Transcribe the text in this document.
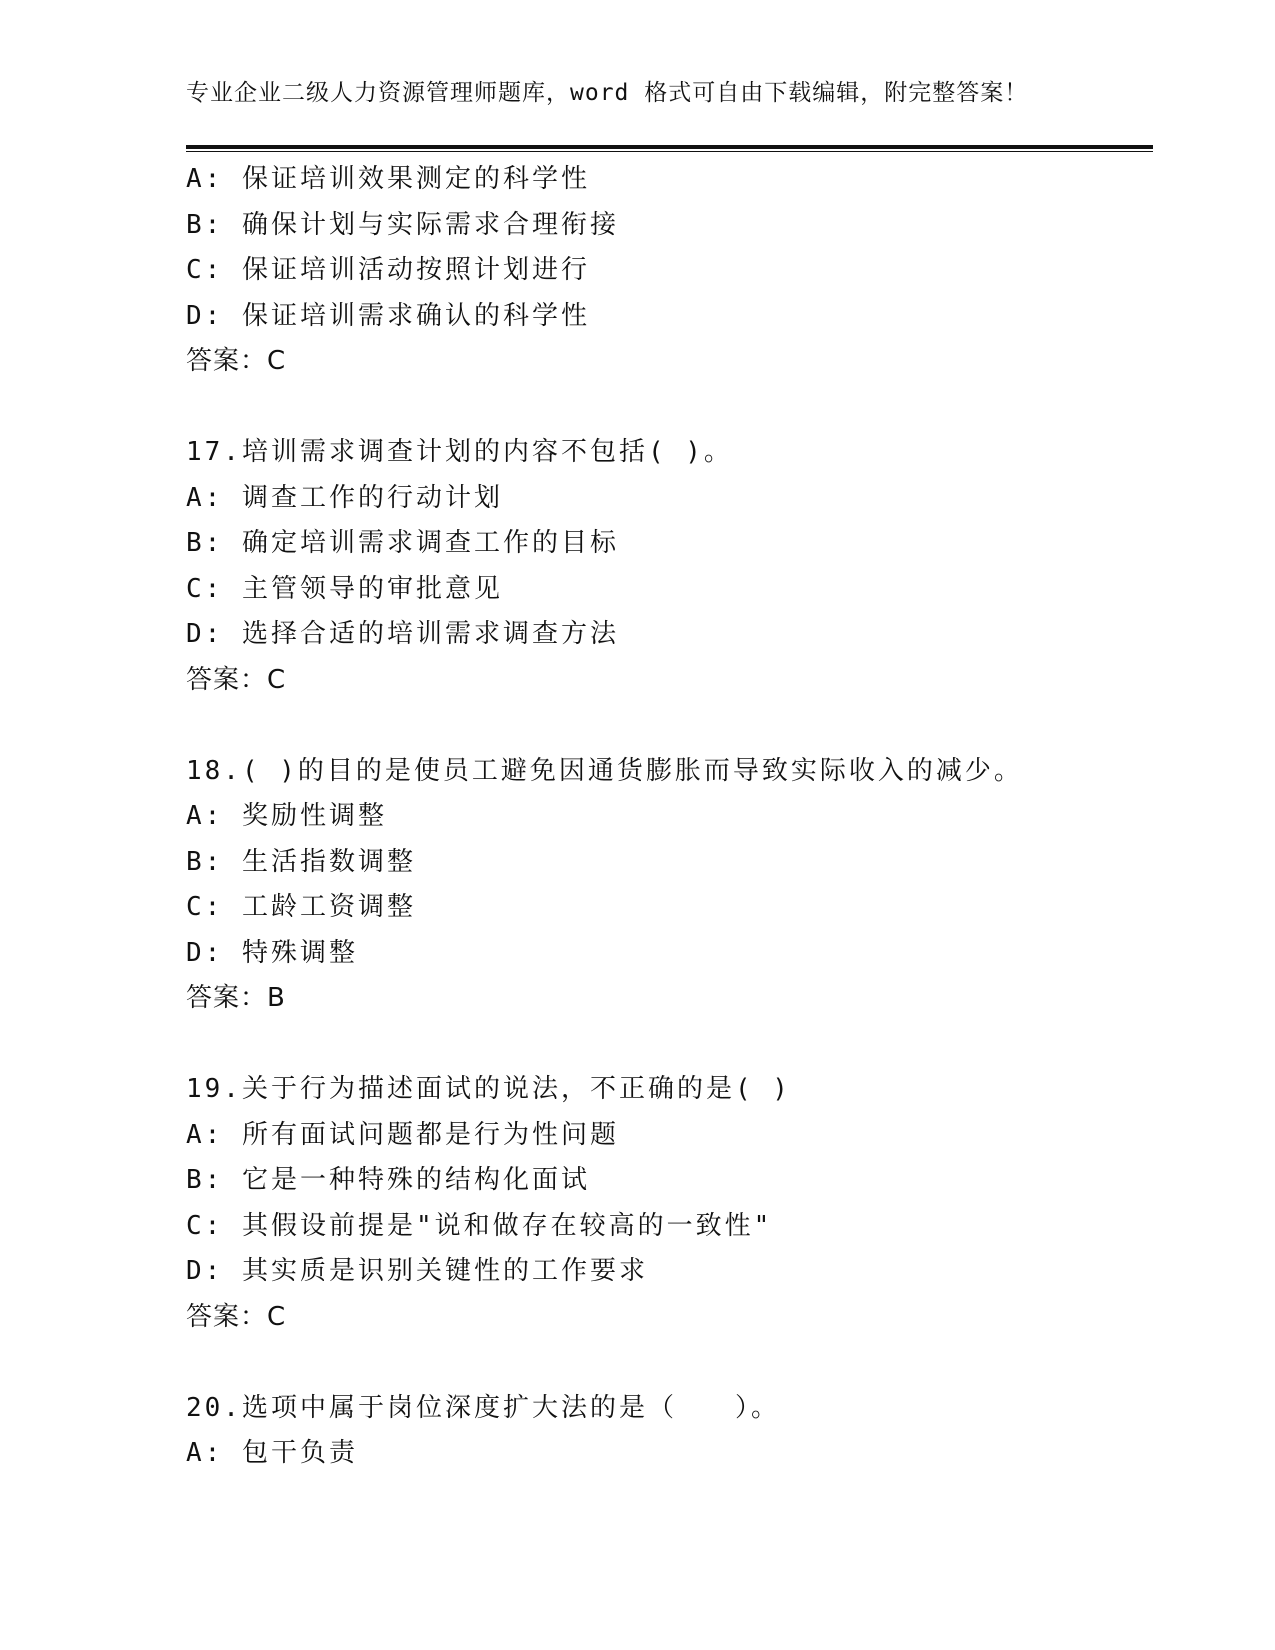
专业企业二级人力资源管理师题库，word 格式可自由下载编辑，附完整答案！
A: 保证培训效果测定的科学性
B: 确保计划与实际需求合理衔接
C: 保证培训活动按照计划进行
D: 保证培训需求确认的科学性
答案：C
17.培训需求调查计划的内容不包括( )。
A: 调查工作的行动计划
B: 确定培训需求调查工作的目标
C: 主管领导的审批意见
D: 选择合适的培训需求调查方法
答案：C
18.( )的目的是使员工避免因通货膨胀而导致实际收入的减少。
A: 奖励性调整
B: 生活指数调整
C: 工龄工资调整
D: 特殊调整
答案：B
19.关于行为描述面试的说法，不正确的是( )
A: 所有面试问题都是行为性问题
B: 它是一种特殊的结构化面试
C: 其假设前提是"说和做存在较高的一致性"
D: 其实质是识别关键性的工作要求
答案：C
20.选项中属于岗位深度扩大法的是（　　）。
A: 包干负责
